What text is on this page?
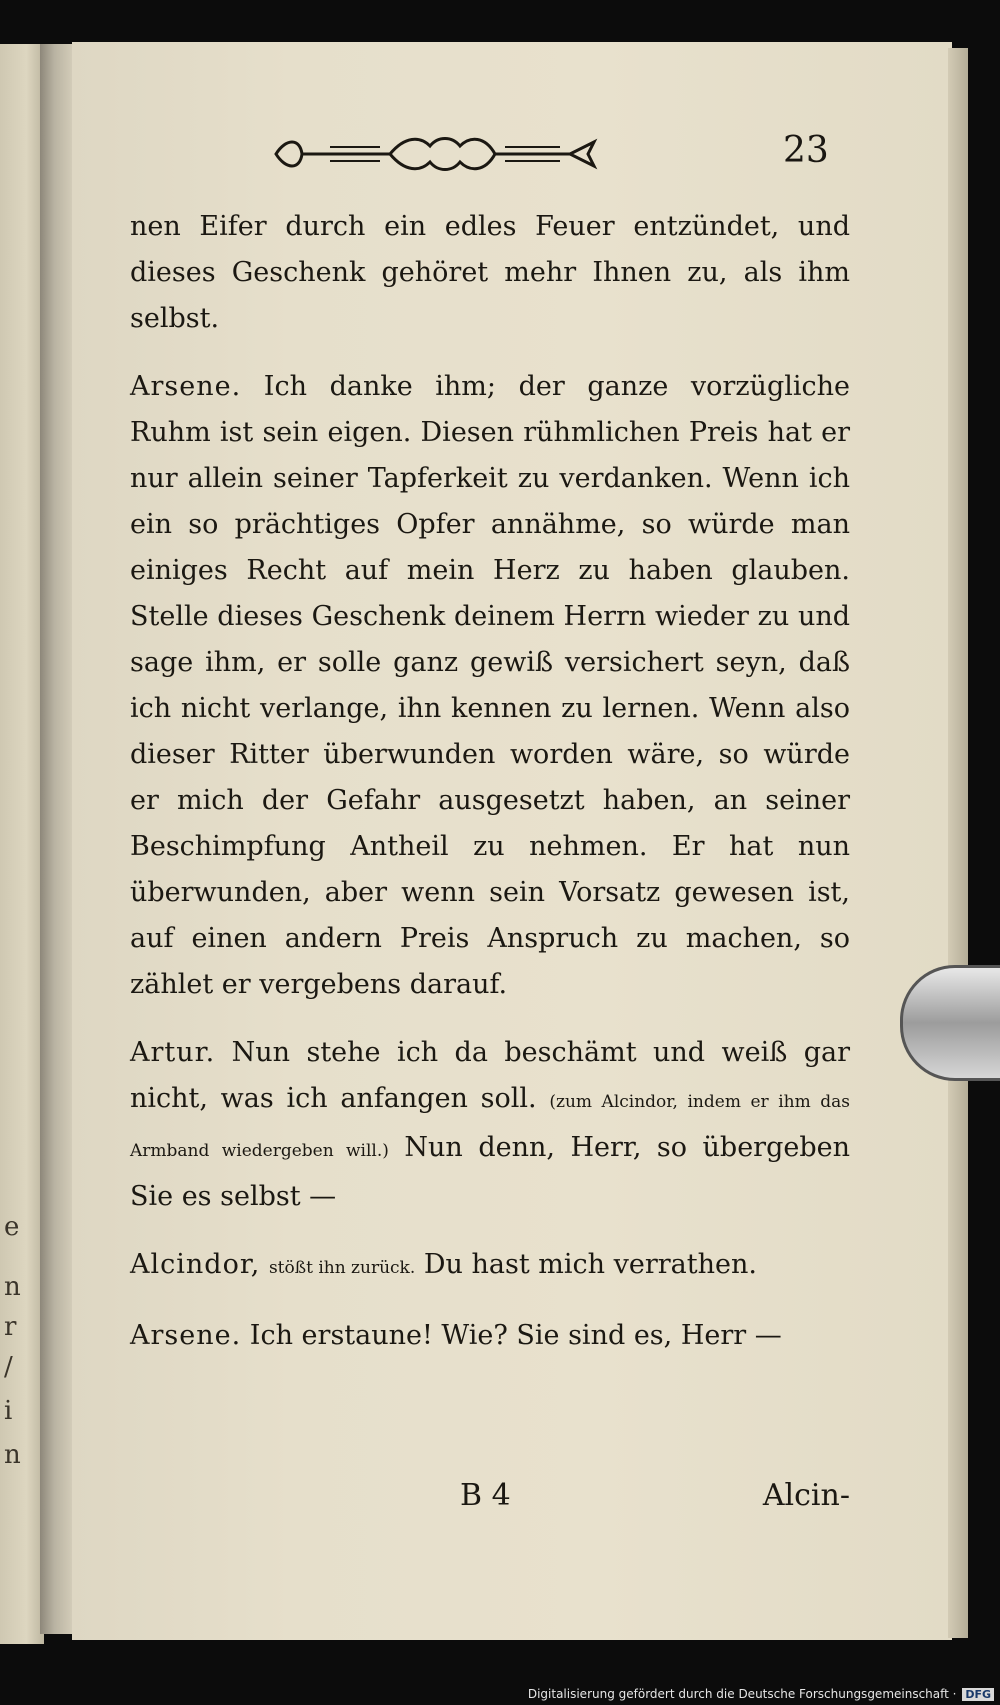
e
n
r
/
i
n
23

nen Eifer durch ein edles Feuer entzündet, und dieses Geschenk gehöret mehr Ihnen zu, als ihm selbst.

Arsene. Ich danke ihm; der ganze vorzügliche Ruhm ist sein eigen. Diesen rühmlichen Preis hat er nur allein seiner Tapferkeit zu verdanken. Wenn ich ein so prächtiges Opfer annähme, so würde man einiges Recht auf mein Herz zu haben glauben. Stelle dieses Geschenk deinem Herrn wieder zu und sage ihm, er solle ganz gewiß versichert seyn, daß ich nicht verlange, ihn kennen zu lernen. Wenn also dieser Ritter überwunden worden wäre, so würde er mich der Gefahr ausgesetzt haben, an seiner Beschimpfung Antheil zu nehmen. Er hat nun überwunden, aber wenn sein Vorsatz gewesen ist, auf einen andern Preis Anspruch zu machen, so zählet er vergebens darauf.

Artur. Nun stehe ich da beschämt und weiß gar nicht, was ich anfangen soll. (zum Alcindor, indem er ihm das Armband wiedergeben will.) Nun denn, Herr, so übergeben Sie es selbst —

Alcindor, stößt ihn zurück. Du hast mich verrathen.

Arsene. Ich erstaune! Wie? Sie sind es, Herr —

B 4	Alcin-
Digitalisierung gefördert durch die Deutsche Forschungsgemeinschaft · DFG
